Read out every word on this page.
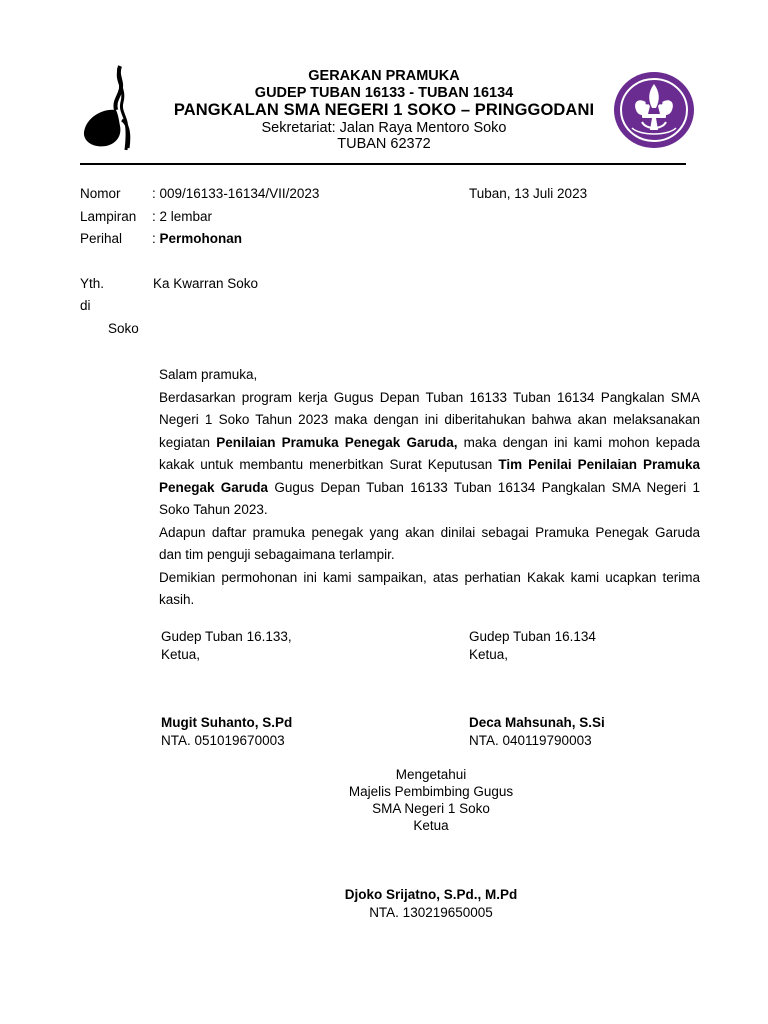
GERAKAN PRAMUKA
GUDEP TUBAN 16133 - TUBAN 16134
PANGKALAN SMA NEGERI 1 SOKO – PRINGGODANI
Sekretariat: Jalan Raya Mentoro Soko
TUBAN 62372
Nomor : 009/16133-16134/VII/2023	Tuban, 13 Juli 2023
Lampiran : 2 lembar
Perihal : Permohonan
Yth.	Ka Kwarran Soko
di
Soko

Salam pramuka,

Berdasarkan program kerja Gugus Depan Tuban 16133 Tuban 16134 Pangkalan SMA Negeri 1 Soko Tahun 2023 maka dengan ini diberitahukan bahwa akan melaksanakan kegiatan Penilaian Pramuka Penegak Garuda, maka dengan ini kami mohon kepada kakak untuk membantu menerbitkan Surat Keputusan Tim Penilai Penilaian Pramuka Penegak Garuda Gugus Depan Tuban 16133 Tuban 16134 Pangkalan SMA Negeri 1 Soko Tahun 2023.

Adapun daftar pramuka penegak yang akan dinilai sebagai Pramuka Penegak Garuda dan tim penguji sebagaimana terlampir.

Demikian permohonan ini kami sampaikan, atas perhatian Kakak kami ucapkan terima kasih.

Gudep Tuban 16.133,
Ketua,
Mugit Suhanto, S.Pd
NTA. 051019670003
Gudep Tuban 16.134
Ketua,
Deca Mahsunah, S.Si
NTA. 040119790003
Mengetahui
Majelis Pembimbing Gugus
SMA Negeri 1 Soko
Ketua
Djoko Srijatno, S.Pd., M.Pd
NTA. 130219650005
